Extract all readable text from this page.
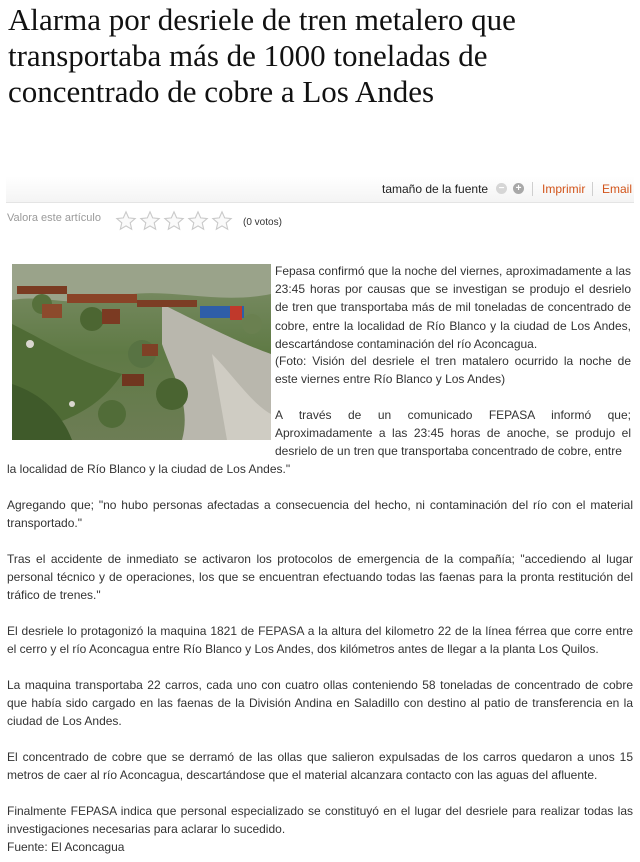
Alarma por desriele de tren metalero que transportaba más de 1000 toneladas de concentrado de cobre a Los Andes
tamaño de la fuente − + Imprimir Email
Valora este artículo	(0 votos)

Fepasa confirmó que la noche del viernes, aproximadamente a las 23:45 horas por causas que se investigan se produjo el desrielo de tren que transportaba más de mil toneladas de concentrado de cobre, entre la localidad de Río Blanco y la ciudad de Los Andes, descartándose contaminación del río Aconcagua.

(Foto: Visión del desriele el tren matalero ocurrido la noche de este viernes entre Río Blanco y Los Andes)

A través de un comunicado FEPASA informó que; Aproximadamente a las 23:45 horas de anoche, se produjo el desrielo de un tren que transportaba concentrado de cobre, entre

la localidad de Río Blanco y la ciudad de Los Andes."

Agregando que; "no hubo personas afectadas a consecuencia del hecho, ni contaminación del río con el material transportado."

Tras el accidente de inmediato se activaron los protocolos de emergencia de la compañía; "accediendo al lugar personal técnico y de operaciones, los que se encuentran efectuando todas las faenas para la pronta restitución del tráfico de trenes."

El desriele lo protagonizó la maquina 1821 de FEPASA a la altura del kilometro 22 de la línea férrea que corre entre el cerro y el río Aconcagua entre Río Blanco y Los Andes, dos kilómetros antes de llegar a la planta Los Quilos.

La maquina transportaba 22 carros, cada uno con cuatro ollas conteniendo 58 toneladas de concentrado de cobre que había sido cargado en las faenas de la División Andina en Saladillo con destino al patio de transferencia en la ciudad de Los Andes.

El concentrado de cobre que se derramó de las ollas que salieron expulsadas de los carros quedaron a unos 15 metros de caer al río Aconcagua, descartándose que el material alcanzara contacto con las aguas del afluente.

Finalmente FEPASA indica que personal especializado se constituyó en el lugar del desriele para realizar todas las investigaciones necesarias para aclarar lo sucedido.

Fuente: El Aconcagua
